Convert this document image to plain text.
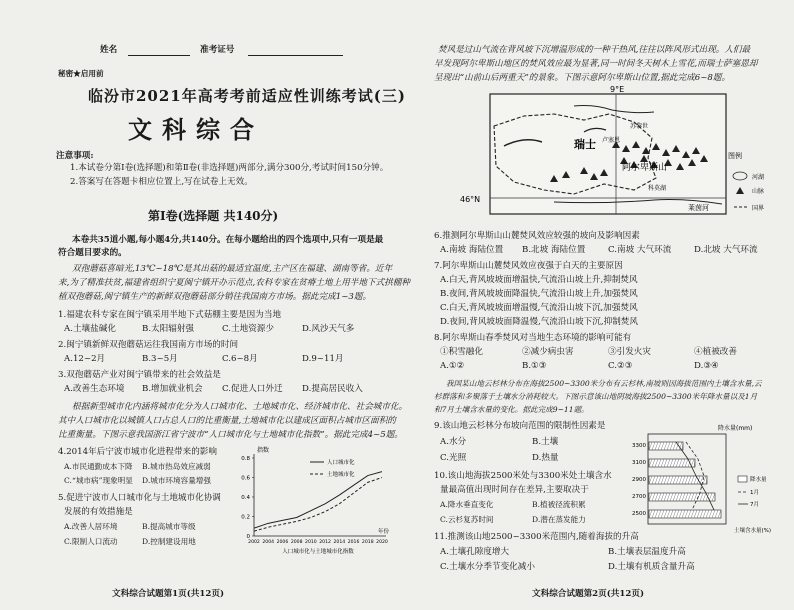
姓名	准考证号
秘密★启用前
临汾市2021年高考考前适应性训练考试(三)
文科综合
注意事项:
1.本试卷分第Ⅰ卷(选择题)和第Ⅱ卷(非选择题)两部分,满分300分,考试时间150分钟。
2.答案写在答题卡相应位置上,写在试卷上无效。
第Ⅰ卷(选择题 共140分)
本卷共35道小题,每小题4分,共140分。在每小题给出的四个选项中,只有一项是最
符合题目要求的。
双孢蘑菇喜暗光,13℃~18℃是其出菇的最适宜温度,主产区在福建、湖南等省。近年
来,为了精准扶贫,福建省组织宁夏闽宁镇开办示范点,农科专家在贫瘠土地上用半地下式拱棚种
植双孢蘑菇,闽宁镇生产的新鲜双孢蘑菇部分销往我国南方市场。据此完成1~3题。
1.福建农科专家在闽宁镇采用半地下式菇棚主要是因为当地
A.土壤盐碱化	B.太阳辐射强	C.土地资源少	D.风沙天气多
2.闽宁镇新鲜双孢蘑菇运往我国南方市场的时间
A.12~2月	B.3~5月	C.6~8月	D.9~11月
3.双孢蘑菇产业对闽宁镇带来的社会效益是
A.改善生态环境 B.增加就业机会 C.促进人口外迁 D.提高居民收入
根据新型城市化内涵将城市化分为人口城市化、土地城市化、经济城市化、社会城市化。
其中人口城市化以城镇人口占总人口的比重衡量,土地城市化以建成区面积占城市区面积的
比重衡量。下图示意我国浙江省宁波市“人口城市化与土地城市化指数”。据此完成4~5题。
4.2014年后宁波市城市化进程带来的影响
A.市民通勤成本下降 B.城市热岛效应减弱
C.“城市病”现象明显 D.城市环境容量增强
5.促进宁波市人口城市化与土地城市化协调
发展的有效措施是
A.改善人居环境	B.提高城市等级
C.限制人口流动	D.控制建设用地
指数
年份
0
0.2
0.4
0.6
0.8
2002 2004 2006 2008 2010 2012 2014 2016 2018 2020
人口城市化
土地城市化
人口城市化与土地城市化指数
文科综合试题第1页(共12页)
焚风是过山气流在背风坡下沉增温形成的一种干热风,往往以阵风形式出现。人们最
早发现阿尔卑斯山地区的焚风效应最为显著,同一时间冬天树木上雪花,而瑞士萨塞恩却
呈现出“山前山后两重天”的景象。下图示意阿尔卑斯山位置,据此完成6~8题。
9°E
46°N
瑞士 卢塞恩
苏黎世
阿尔卑斯山
科莫湖
莱茵河
图例
河湖
山脉
国界
6.推测阿尔卑斯山山麓焚风效应较强的坡向及影响因素
A.南坡 海陆位置 B.北坡 海陆位置	C.南坡 大气环流	D.北坡 大气环流
7.阿尔卑斯山山麓焚风效应夜强于白天的主要原因
A.白天,背风坡坡面增温快,气流沿山坡上升,抑制焚风
B.夜间,背风坡坡面降温快,气流沿山坡上升,加强焚风
C.白天,背风坡坡面增温慢,气流沿山坡下沉,加强焚风
D.夜间,背风坡坡面降温慢,气流沿山坡下沉,抑制焚风
8.阿尔卑斯山春季焚风对当地生态环境的影响可能有
①积雪融化	②减少病虫害	③引发火灾	④植被改善
A.①②	B.①③	C.②③	D.③④
我国某山地云杉林分布在海拔2500~3300米分布有云杉林,南坡则因海拔范围内土壤含水量,云
杉群落和多聚落于土壤水分消耗较大。下图示意该山地阴坡海拔2500~3300米年降水量以及1月
和7月土壤含水量的变化。据此完成9~11题。
9.该山地云杉林分布坡向范围的限制性因素是
A.水分	B.土壤
C.光照	D.热量
10.该山地海拔2500米处与3300米处土壤含水
量最高值出现时间存在差异,主要取决于
A.降水垂直变化	B.植被径流积累
C.云杉复苏时间	D.潜在蒸发能力
11.推测该山地2500~3300米范围内,随着海拔的升高
A.土壤孔隙度增大	B.土壤表层温度升高
C.土壤水分季节变化减小	D.土壤有机质含量升高
降水量(mm)
土壤含水量(%)
3300
3100
2900
2700
2500
降水量
1月
7月
文科综合试题第2页(共12页)
